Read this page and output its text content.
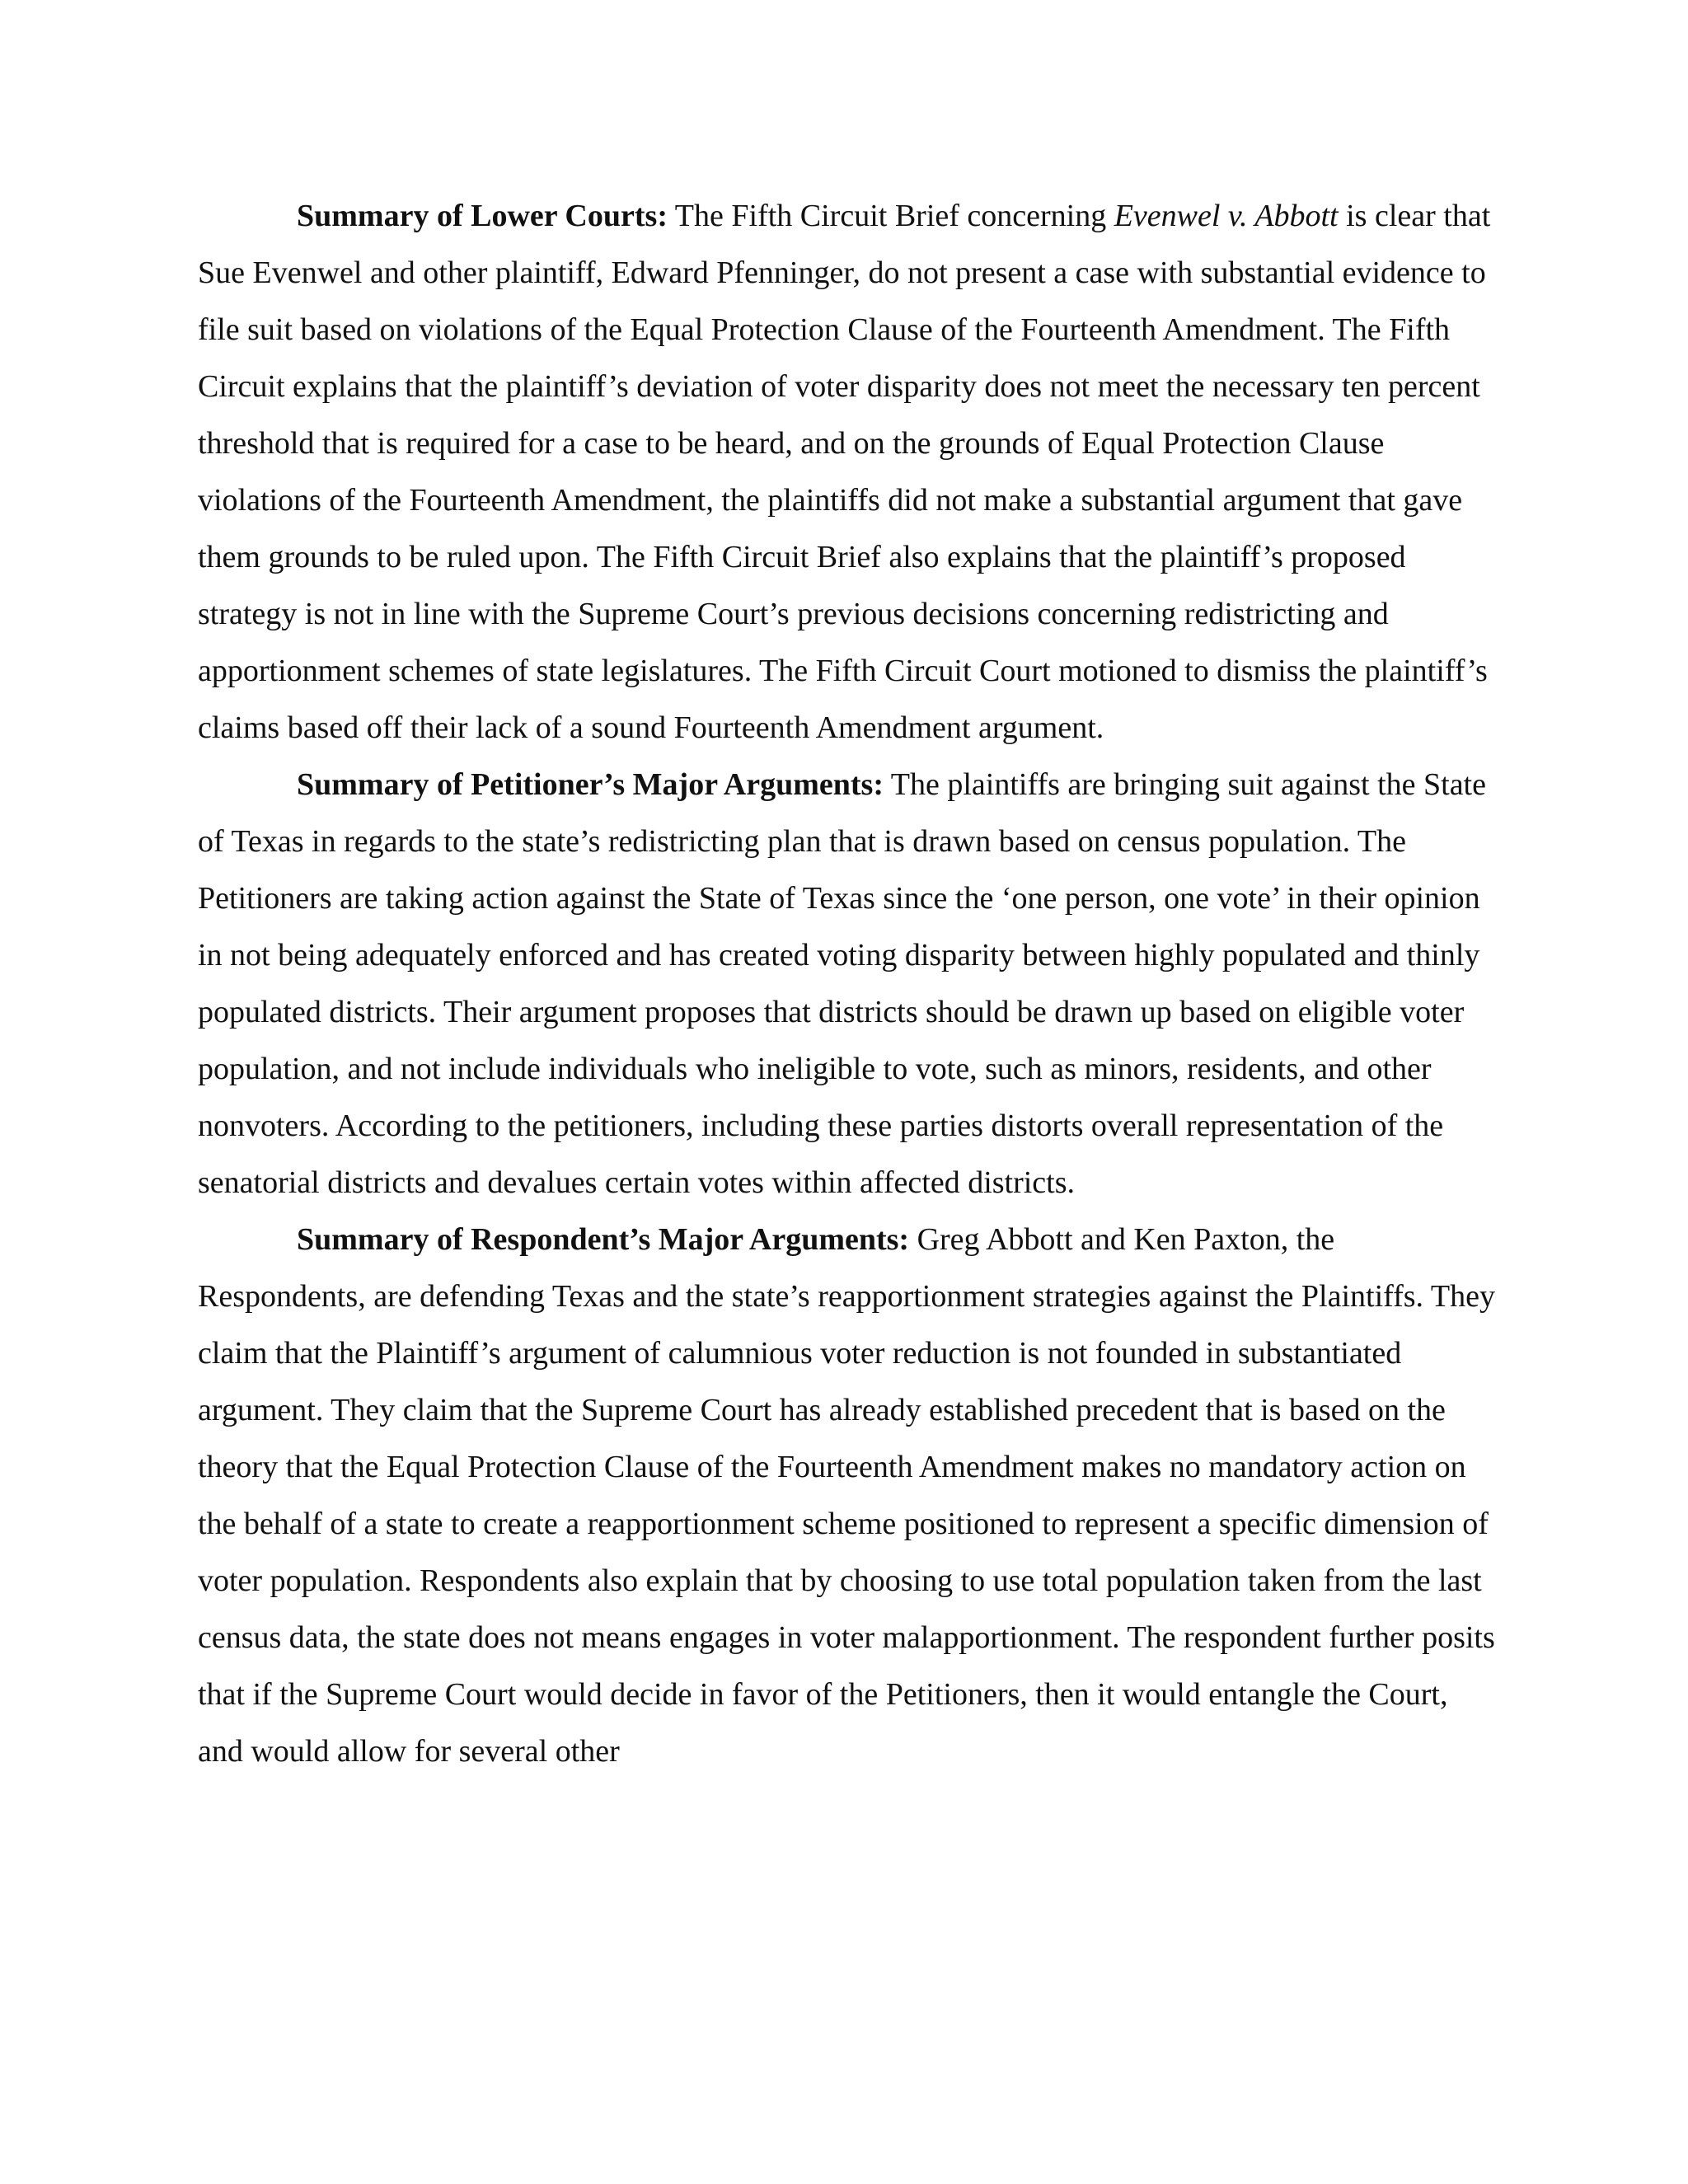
Summary of Lower Courts: The Fifth Circuit Brief concerning Evenwel v. Abbott is clear that Sue Evenwel and other plaintiff, Edward Pfenninger, do not present a case with substantial evidence to file suit based on violations of the Equal Protection Clause of the Fourteenth Amendment. The Fifth Circuit explains that the plaintiff’s deviation of voter disparity does not meet the necessary ten percent threshold that is required for a case to be heard, and on the grounds of Equal Protection Clause violations of the Fourteenth Amendment, the plaintiffs did not make a substantial argument that gave them grounds to be ruled upon. The Fifth Circuit Brief also explains that the plaintiff’s proposed strategy is not in line with the Supreme Court’s previous decisions concerning redistricting and apportionment schemes of state legislatures. The Fifth Circuit Court motioned to dismiss the plaintiff’s claims based off their lack of a sound Fourteenth Amendment argument.

Summary of Petitioner’s Major Arguments: The plaintiffs are bringing suit against the State of Texas in regards to the state’s redistricting plan that is drawn based on census population. The Petitioners are taking action against the State of Texas since the ‘one person, one vote’ in their opinion in not being adequately enforced and has created voting disparity between highly populated and thinly populated districts. Their argument proposes that districts should be drawn up based on eligible voter population, and not include individuals who ineligible to vote, such as minors, residents, and other nonvoters. According to the petitioners, including these parties distorts overall representation of the senatorial districts and devalues certain votes within affected districts.

Summary of Respondent’s Major Arguments: Greg Abbott and Ken Paxton, the Respondents, are defending Texas and the state’s reapportionment strategies against the Plaintiffs. They claim that the Plaintiff’s argument of calumnious voter reduction is not founded in substantiated argument. They claim that the Supreme Court has already established precedent that is based on the theory that the Equal Protection Clause of the Fourteenth Amendment makes no mandatory action on the behalf of a state to create a reapportionment scheme positioned to represent a specific dimension of voter population. Respondents also explain that by choosing to use total population taken from the last census data, the state does not means engages in voter malapportionment. The respondent further posits that if the Supreme Court would decide in favor of the Petitioners, then it would entangle the Court, and would allow for several other
